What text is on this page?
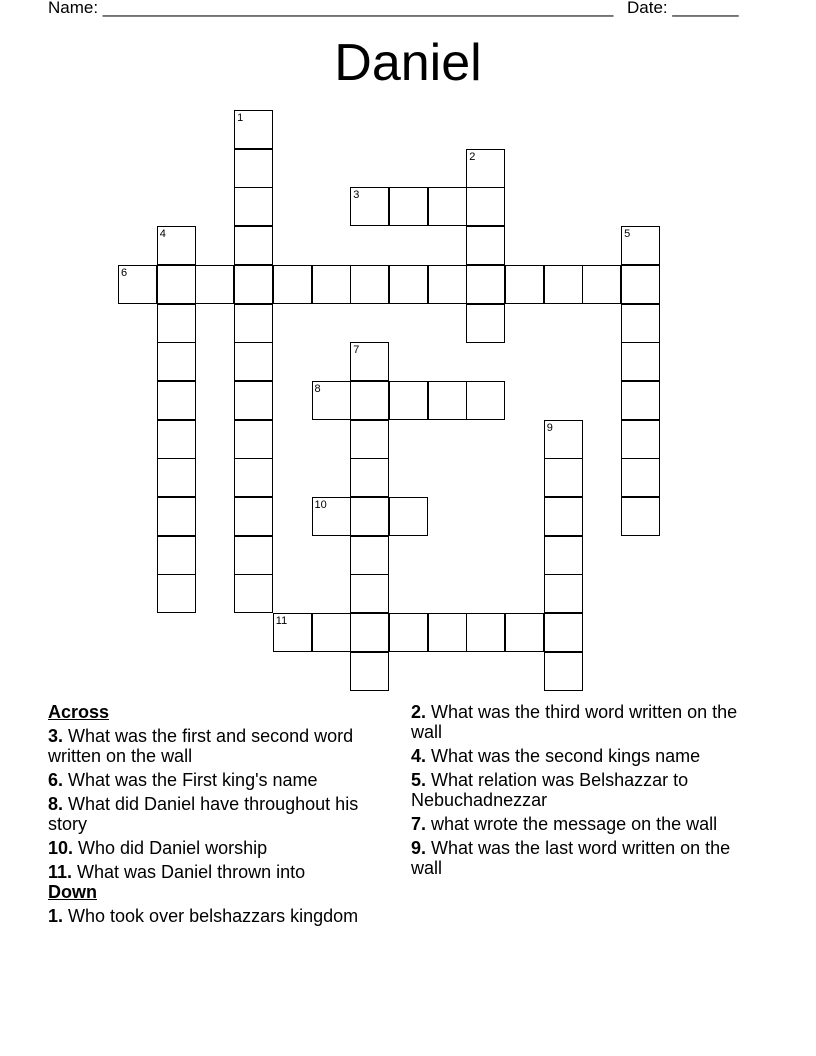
Name: ______________________________________________________ Date: _______
Daniel
1
2
3
4	5
6
7
8
9
10
11
Across
3. What was the first and second word written on the wall
6. What was the First king's name
8. What did Daniel have throughout his story
10. Who did Daniel worship
11. What was Daniel thrown into
Down
1. Who took over belshazzars kingdom
2. What was the third word written on the wall
4. What was the second kings name
5. What relation was Belshazzar to Nebuchadnezzar
7. what wrote the message on the wall
9. What was the last word written on the wall
